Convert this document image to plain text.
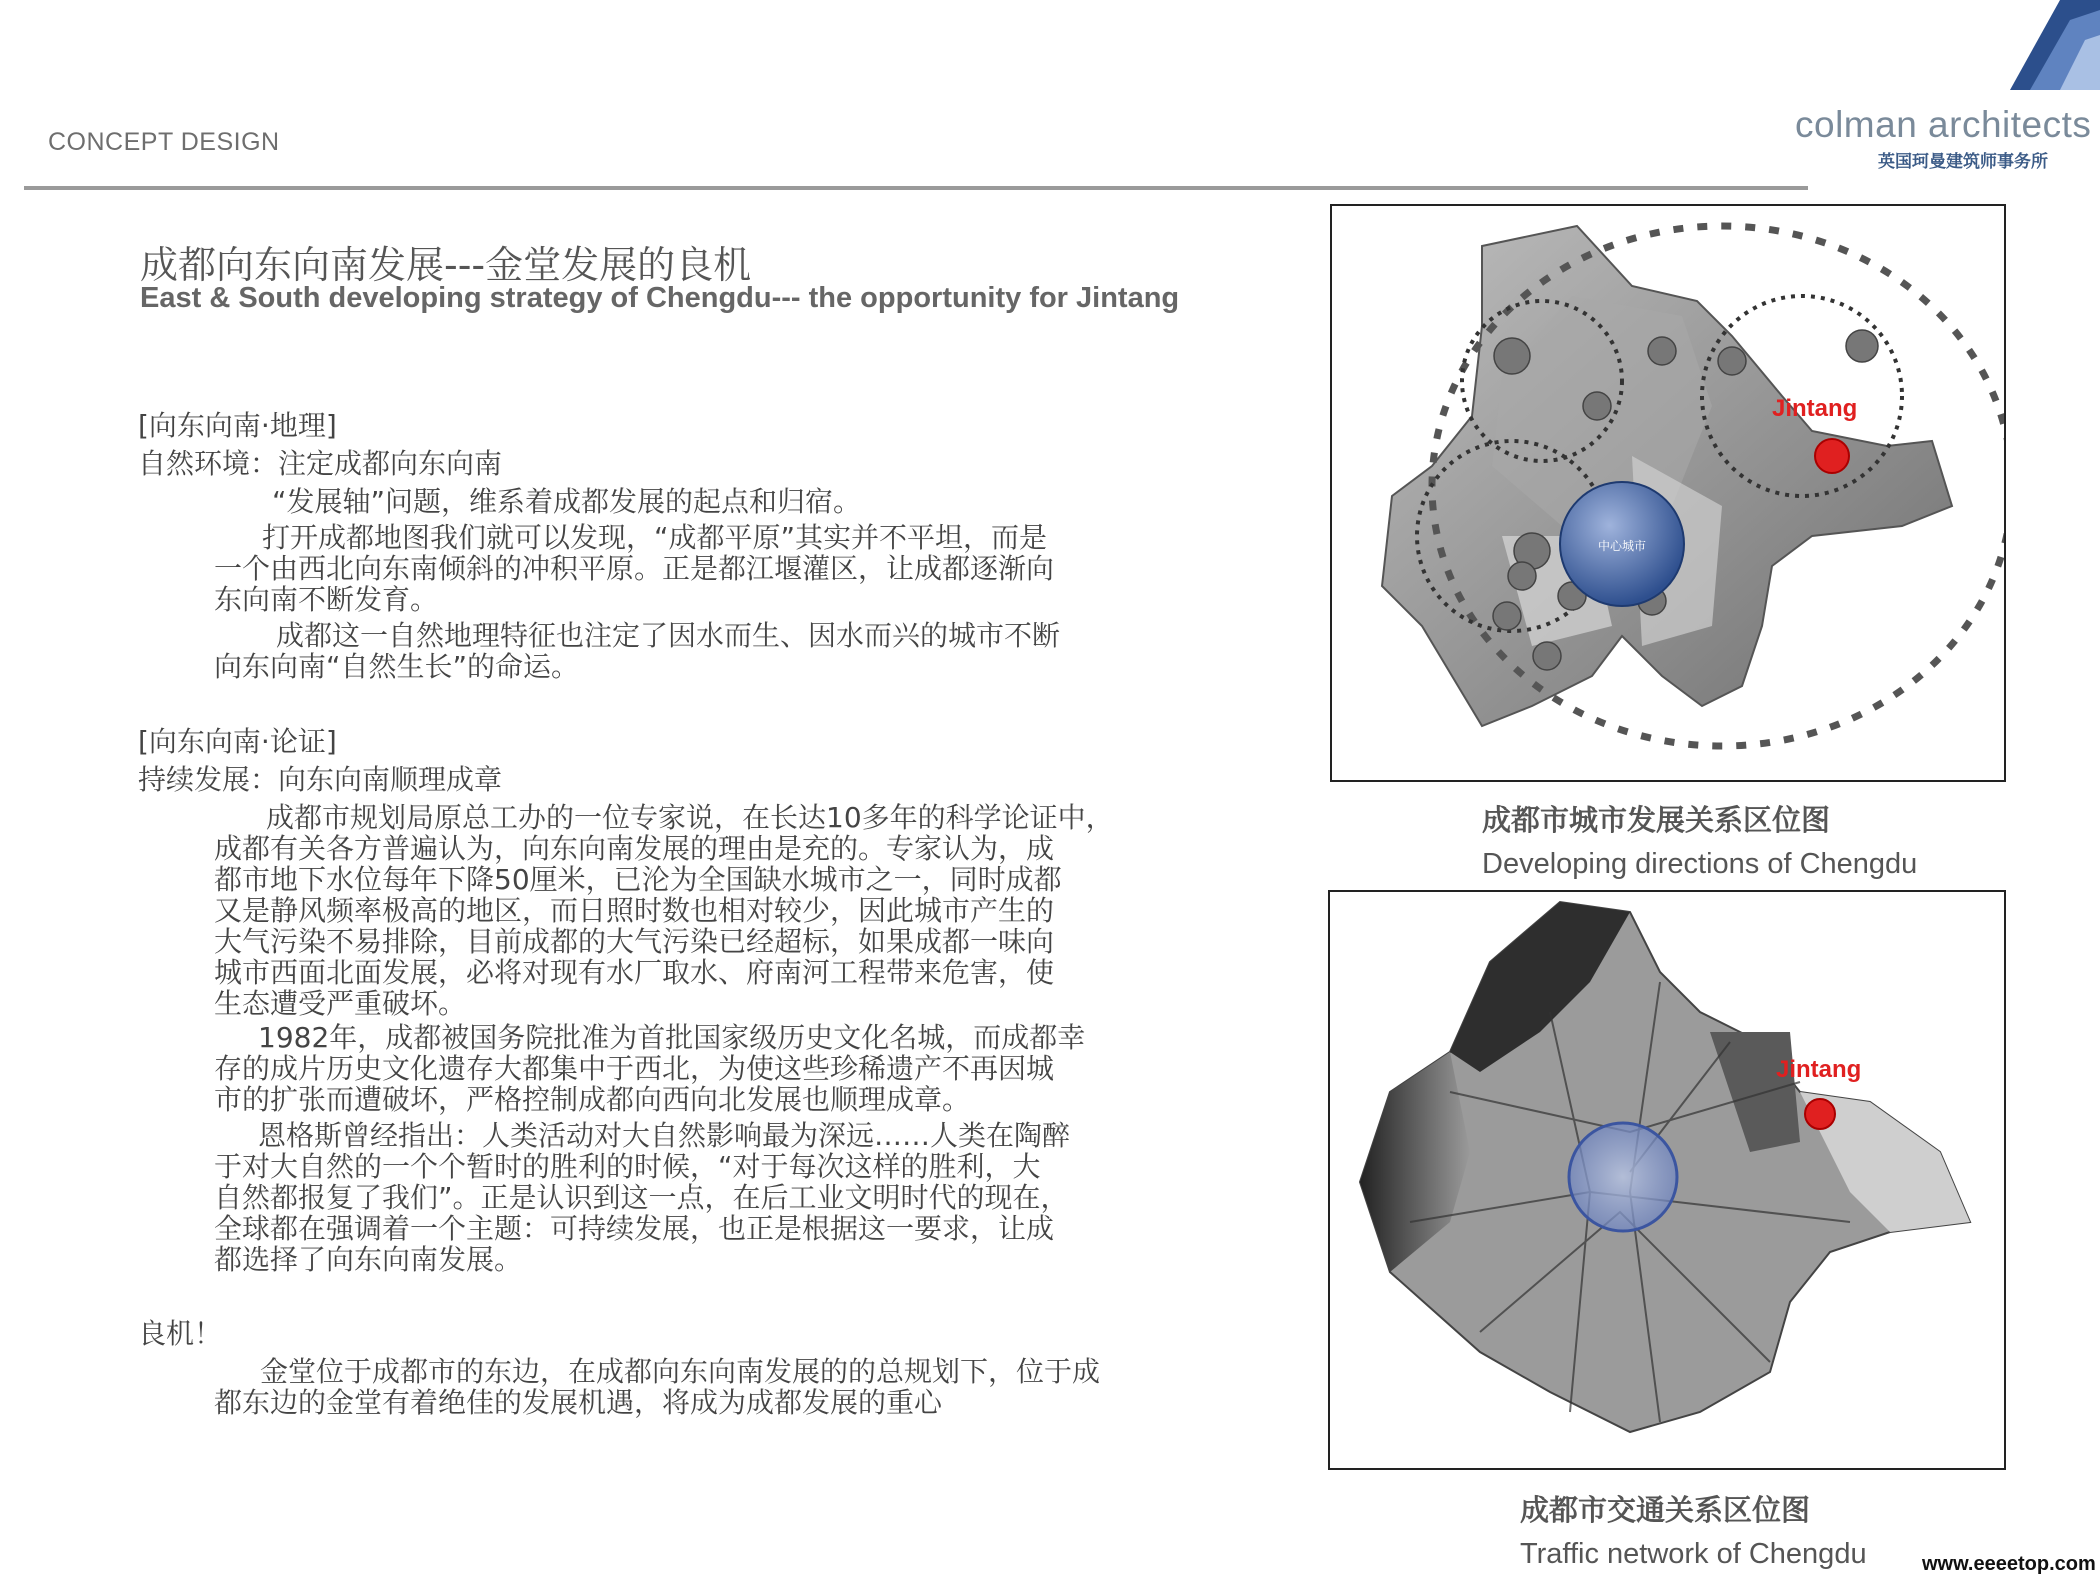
CONCEPT DESIGN	colman architects
英国珂曼建筑师事务所
成都向东向南发展---金堂发展的良机
East & South developing strategy of Chengdu--- the opportunity for Jintang
[向东向南·地理]
自然环境：注定成都向东向南
“发展轴”问题，维系着成都发展的起点和归宿。
打开成都地图我们就可以发现，“成都平原”其实并不平坦，而是
一个由西北向东南倾斜的冲积平原。正是都江堰灌区，让成都逐渐向
东向南不断发育。
成都这一自然地理特征也注定了因水而生、因水而兴的城市不断
向东向南“自然生长”的命运。
[向东向南·论证]
持续发展：向东向南顺理成章
成都市规划局原总工办的一位专家说，在长达10多年的科学论证中，
成都有关各方普遍认为，向东向南发展的理由是充的。专家认为，成
都市地下水位每年下降50厘米，已沦为全国缺水城市之一，同时成都
又是静风频率极高的地区，而日照时数也相对较少，因此城市产生的
大气污染不易排除，目前成都的大气污染已经超标，如果成都一味向
城市西面北面发展，必将对现有水厂取水、府南河工程带来危害，使
生态遭受严重破坏。
1982年，成都被国务院批准为首批国家级历史文化名城，而成都幸
存的成片历史文化遗存大都集中于西北，为使这些珍稀遗产不再因城
市的扩张而遭破坏，严格控制成都向西向北发展也顺理成章。
恩格斯曾经指出：人类活动对大自然影响最为深远……人类在陶醉
于对大自然的一个个暂时的胜利的时候，“对于每次这样的胜利，大
自然都报复了我们”。正是认识到这一点，在后工业文明时代的现在，
全球都在强调着一个主题：可持续发展，也正是根据这一要求，让成
都选择了向东向南发展。
良机！
金堂位于成都市的东边，在成都向东向南发展的的总规划下，位于成
都东边的金堂有着绝佳的发展机遇，将成为成都发展的重心
中心城市
Jintang
成都市城市发展关系区位图
Developing directions of Chengdu
Jintang
成都市交通关系区位图
Traffic network of Chengdu	www.eeeetop.com
